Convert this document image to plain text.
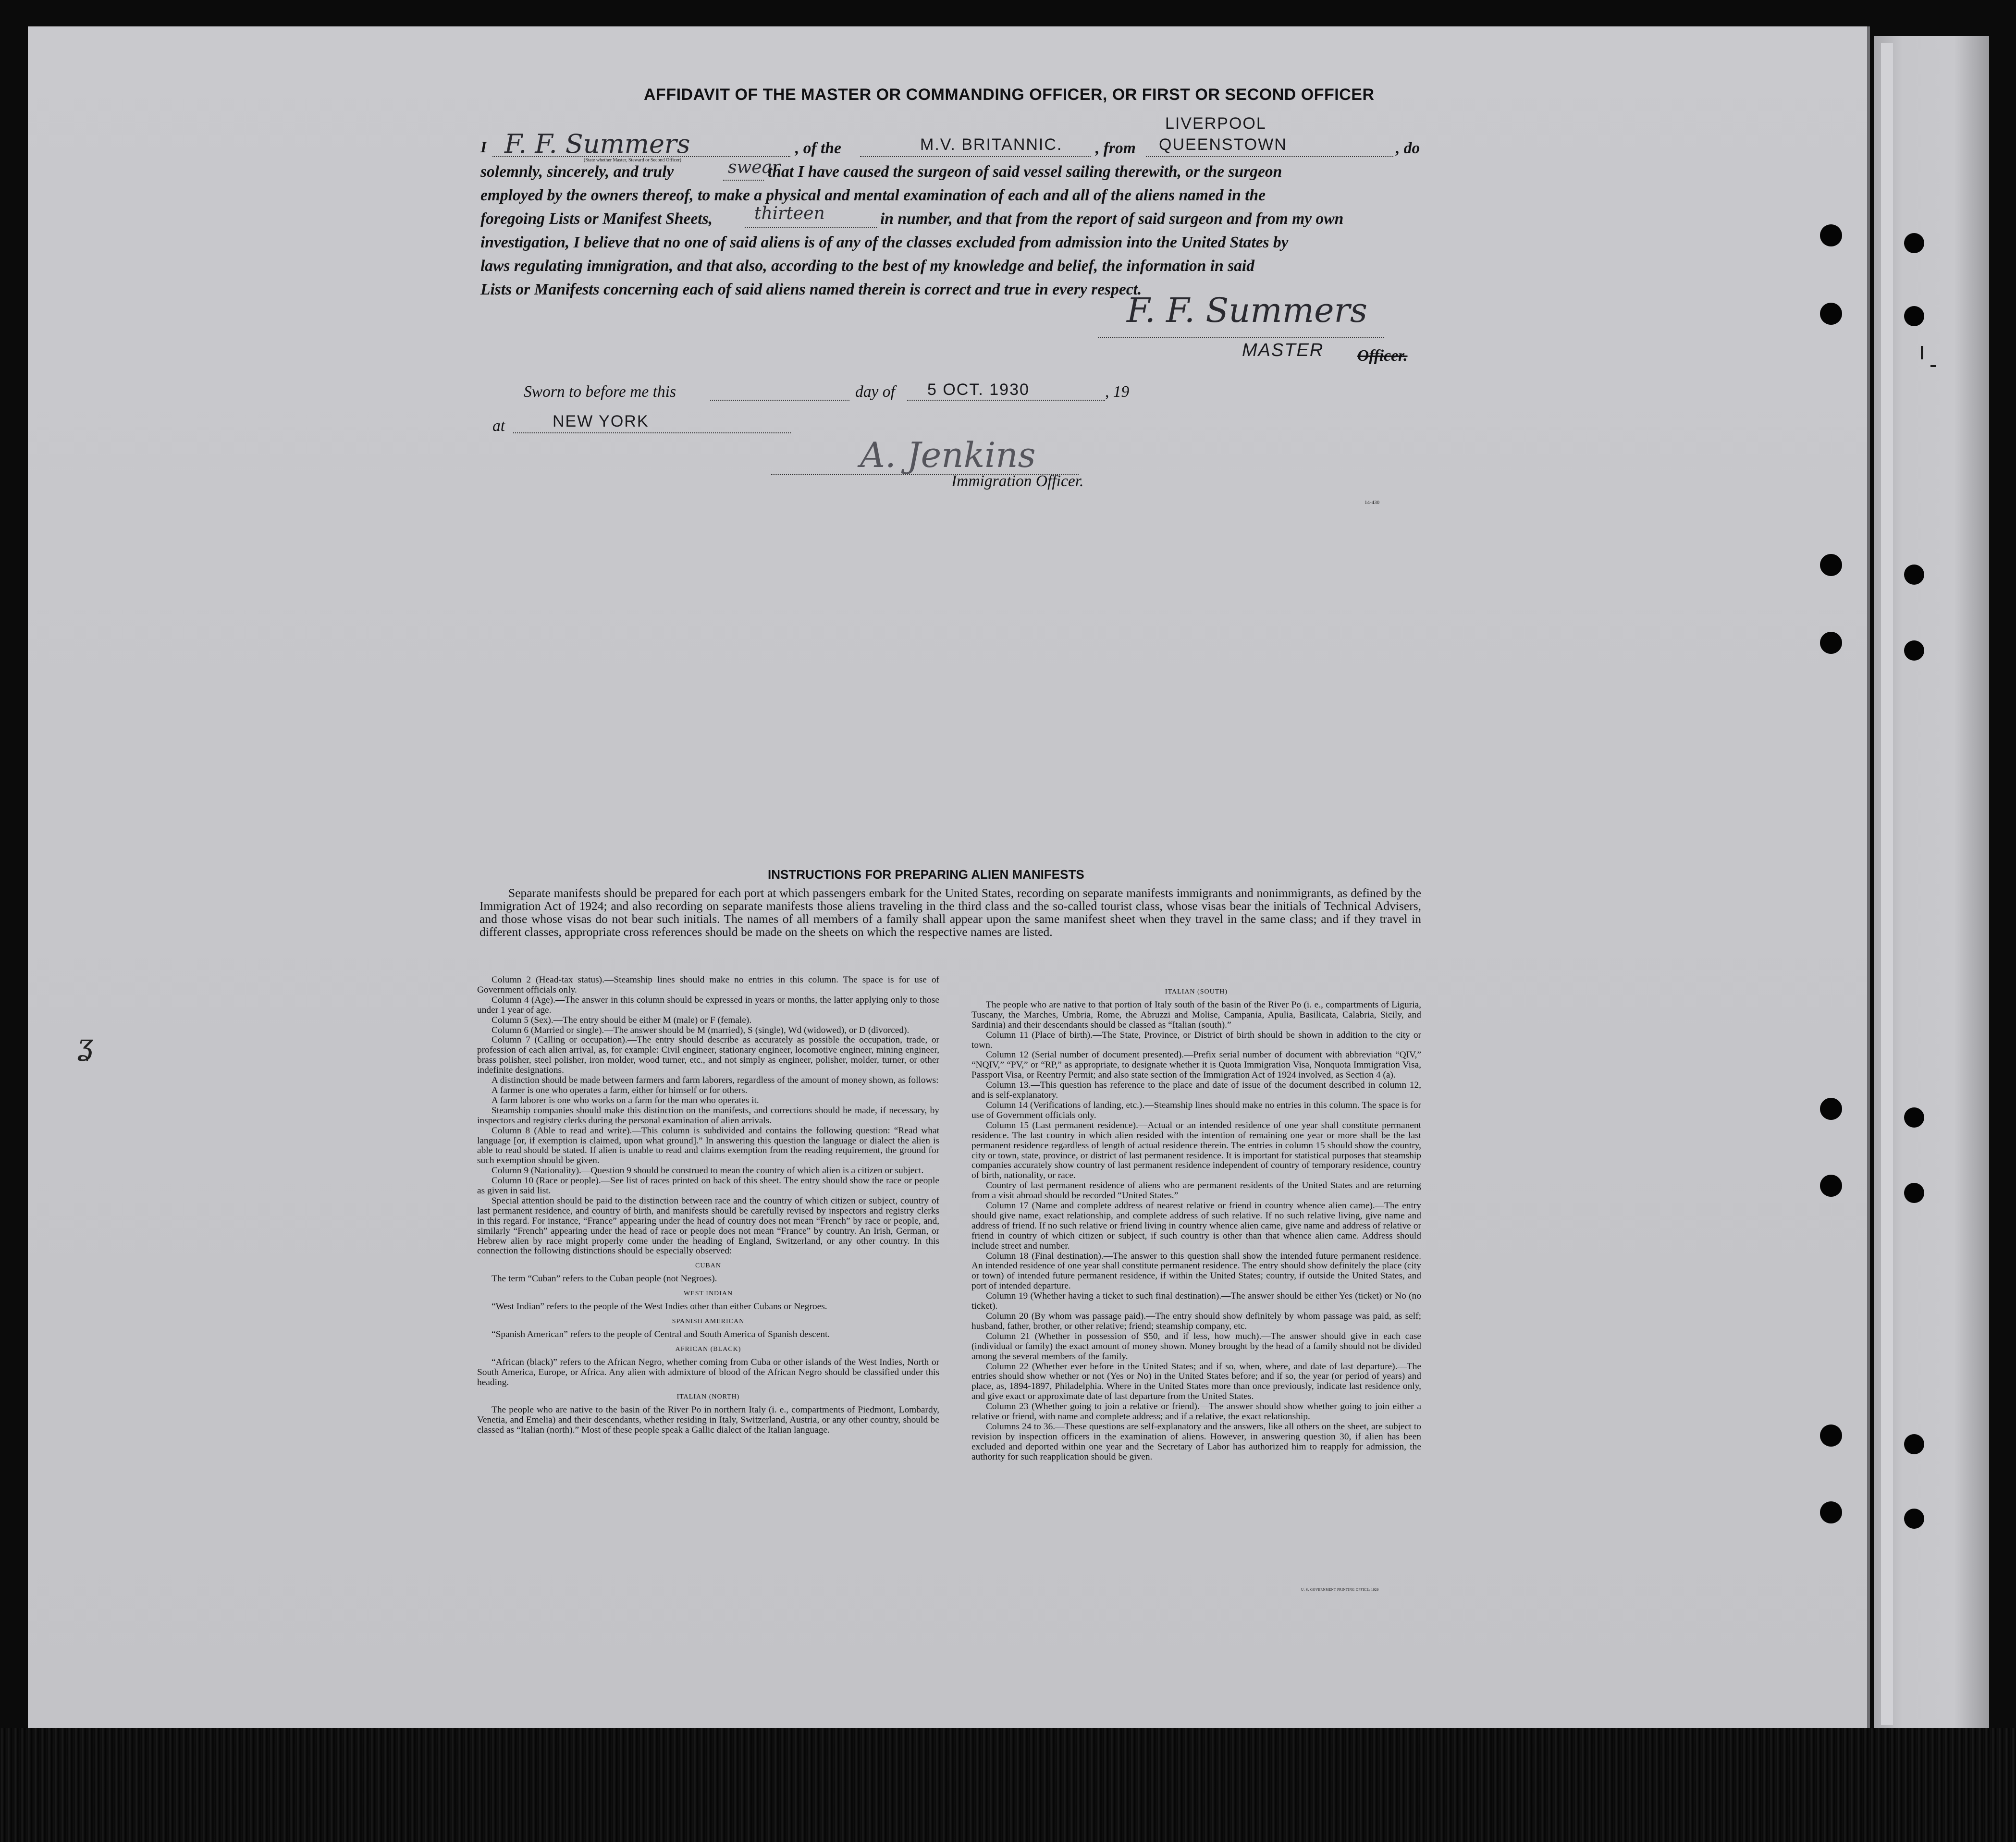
AFFIDAVIT OF THE MASTER OR COMMANDING OFFICER, OR FIRST OR SECOND OFFICER
I F. F. Summers
(State whether Master, Steward or Second Officer)
, of the	M.V. BRITANNIC. , from
LIVERPOOL
QUEENSTOWN	, do
solemnly, sincerely, and truly	swear
that I have caused the surgeon of said vessel sailing therewith, or the surgeon
employed by the owners thereof, to make a physical and mental examination of each and all of the aliens named in the
foregoing Lists or Manifest Sheets, thirteen	in number, and that from the report of said surgeon and from my own
investigation, I believe that no one of said aliens is of any of the classes excluded from admission into the United States by
laws regulating immigration, and that also, according to the best of my knowledge and belief, the information in said
Lists or Manifests concerning each of said aliens named therein is correct and true in every respect.
F. F. Summers
MASTER Officer.
Sworn to before me this	day of 5 OCT. 1930	, 19
at	NEW YORK
A. Jenkins
Immigration Officer.
14-430
ʓ
INSTRUCTIONS FOR PREPARING ALIEN MANIFESTS

Separate manifests should be prepared for each port at which passengers embark for the United States, recording on separate manifests immigrants and nonimmigrants, as defined by the Immigration Act of 1924; and also recording on separate manifests those aliens traveling in the third class and the so-called tourist class, whose visas bear the initials of Technical Advisers, and those whose visas do not bear such initials. The names of all members of a family shall appear upon the same manifest sheet when they travel in the same class; and if they travel in different classes, appropriate cross references should be made on the sheets on which the respective names are listed.

Column 2 (Head-tax status).—Steamship lines should make no entries in this column. The space is for use of Government officials only.

Column 4 (Age).—The answer in this column should be expressed in years or months, the latter applying only to those under 1 year of age.

Column 5 (Sex).—The entry should be either M (male) or F (female).

Column 6 (Married or single).—The answer should be M (married), S (single), Wd (widowed), or D (divorced).

Column 7 (Calling or occupation).—The entry should describe as accurately as possible the occupation, trade, or profession of each alien arrival, as, for example: Civil engineer, stationary engineer, locomotive engineer, mining engineer, brass polisher, steel polisher, iron molder, wood turner, etc., and not simply as engineer, polisher, molder, turner, or other indefinite designations.

A distinction should be made between farmers and farm laborers, regardless of the amount of money shown, as follows:

A farmer is one who operates a farm, either for himself or for others.

A farm laborer is one who works on a farm for the man who operates it.

Steamship companies should make this distinction on the manifests, and corrections should be made, if necessary, by inspectors and registry clerks during the personal examination of alien arrivals.

Column 8 (Able to read and write).—This column is subdivided and contains the following question: “Read what language [or, if exemption is claimed, upon what ground].” In answering this question the language or dialect the alien is able to read should be stated. If alien is unable to read and claims exemption from the reading requirement, the ground for such exemption should be given.

Column 9 (Nationality).—Question 9 should be construed to mean the country of which alien is a citizen or subject.

Column 10 (Race or people).—See list of races printed on back of this sheet. The entry should show the race or people as given in said list.

Special attention should be paid to the distinction between race and the country of which citizen or subject, country of last permanent residence, and country of birth, and manifests should be carefully revised by inspectors and registry clerks in this regard. For instance, “France” appearing under the head of country does not mean “French” by race or people, and, similarly “French” appearing under the head of race or people does not mean “France” by country. An Irish, German, or Hebrew alien by race might properly come under the heading of England, Switzerland, or any other country. In this connection the following distinctions should be especially observed:

CUBAN

The term “Cuban” refers to the Cuban people (not Negroes).

WEST INDIAN

“West Indian” refers to the people of the West Indies other than either Cubans or Negroes.

SPANISH AMERICAN

“Spanish American” refers to the people of Central and South America of Spanish descent.

AFRICAN (BLACK)

“African (black)” refers to the African Negro, whether coming from Cuba or other islands of the West Indies, North or South America, Europe, or Africa. Any alien with admixture of blood of the African Negro should be classified under this heading.

ITALIAN (NORTH)

The people who are native to the basin of the River Po in northern Italy (i. e., compartments of Piedmont, Lombardy, Venetia, and Emelia) and their descendants, whether residing in Italy, Switzerland, Austria, or any other country, should be classed as “Italian (north).” Most of these people speak a Gallic dialect of the Italian language.

ITALIAN (SOUTH)

The people who are native to that portion of Italy south of the basin of the River Po (i. e., compartments of Liguria, Tuscany, the Marches, Umbria, Rome, the Abruzzi and Molise, Campania, Apulia, Basilicata, Calabria, Sicily, and Sardinia) and their descendants should be classed as “Italian (south).”

Column 11 (Place of birth).—The State, Province, or District of birth should be shown in addition to the city or town.

Column 12 (Serial number of document presented).—Prefix serial number of document with abbreviation “QIV,” “NQIV,” “PV,” or “RP,” as appropriate, to designate whether it is Quota Immigration Visa, Nonquota Immigration Visa, Passport Visa, or Reentry Permit; and also state section of the Immigration Act of 1924 involved, as Section 4 (a).

Column 13.—This question has reference to the place and date of issue of the document described in column 12, and is self-explanatory.

Column 14 (Verifications of landing, etc.).—Steamship lines should make no entries in this column. The space is for use of Government officials only.

Column 15 (Last permanent residence).—Actual or an intended residence of one year shall constitute permanent residence. The last country in which alien resided with the intention of remaining one year or more shall be the last permanent residence regardless of length of actual residence therein. The entries in column 15 should show the country, city or town, state, province, or district of last permanent residence. It is important for statistical purposes that steamship companies accurately show country of last permanent residence independent of country of temporary residence, country of birth, nationality, or race.

Country of last permanent residence of aliens who are permanent residents of the United States and are returning from a visit abroad should be recorded “United States.”

Column 17 (Name and complete address of nearest relative or friend in country whence alien came).—The entry should give name, exact relationship, and complete address of such relative. If no such relative living, give name and address of friend. If no such relative or friend living in country whence alien came, give name and address of relative or friend in country of which citizen or subject, if such country is other than that whence alien came. Address should include street and number.

Column 18 (Final destination).—The answer to this question shall show the intended future permanent residence. An intended residence of one year shall constitute permanent residence. The entry should show definitely the place (city or town) of intended future permanent residence, if within the United States; country, if outside the United States, and port of intended departure.

Column 19 (Whether having a ticket to such final destination).—The answer should be either Yes (ticket) or No (no ticket).

Column 20 (By whom was passage paid).—The entry should show definitely by whom passage was paid, as self; husband, father, brother, or other relative; friend; steamship company, etc.

Column 21 (Whether in possession of $50, and if less, how much).—The answer should give in each case (individual or family) the exact amount of money shown. Money brought by the head of a family should not be divided among the several members of the family.

Column 22 (Whether ever before in the United States; and if so, when, where, and date of last departure).—The entries should show whether or not (Yes or No) in the United States before; and if so, the year (or period of years) and place, as, 1894-1897, Philadelphia. Where in the United States more than once previously, indicate last residence only, and give exact or approximate date of last departure from the United States.

Column 23 (Whether going to join a relative or friend).—The answer should show whether going to join either a relative or friend, with name and complete address; and if a relative, the exact relationship.

Columns 24 to 36.—These questions are self-explanatory and the answers, like all others on the sheet, are subject to revision by inspection officers in the examination of aliens. However, in answering question 30, if alien has been excluded and deported within one year and the Secretary of Labor has authorized him to reapply for admission, the authority for such reapplication should be given.

U. S. GOVERNMENT PRINTING OFFICE: 1929
